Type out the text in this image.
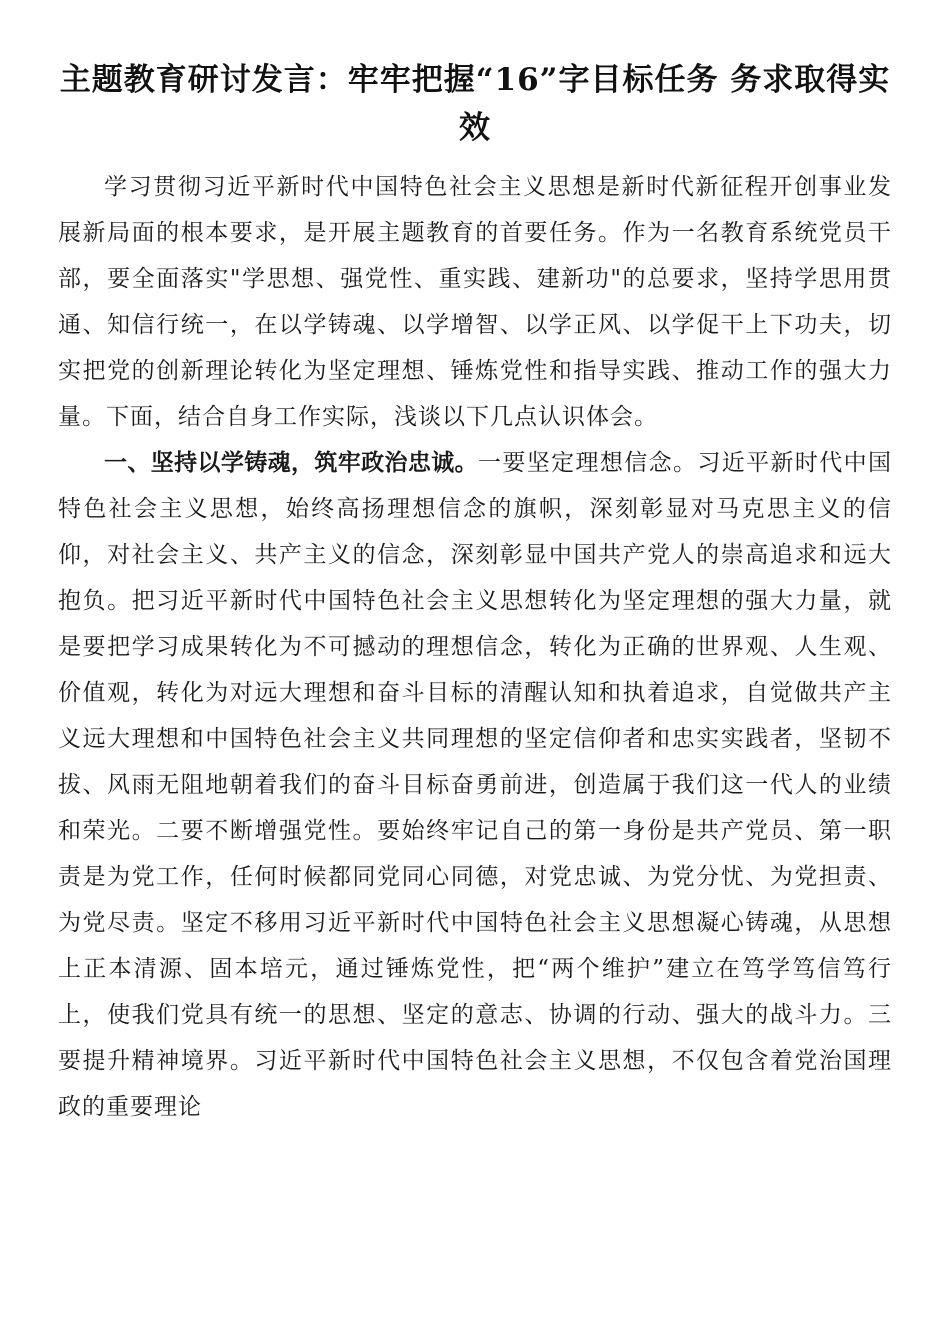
主题教育研讨发言：牢牢把握“16”字目标任务 务求取得实效

学习贯彻习近平新时代中国特色社会主义思想是新时代新征程开创事业发展新局面的根本要求，是开展主题教育的首要任务。作为一名教育系统党员干部，要全面落实"学思想、强党性、重实践、建新功"的总要求，坚持学思用贯通、知信行统一，在以学铸魂、以学增智、以学正风、以学促干上下功夫，切实把党的创新理论转化为坚定理想、锤炼党性和指导实践、推动工作的强大力量。下面，结合自身工作实际，浅谈以下几点认识体会。

一、坚持以学铸魂，筑牢政治忠诚。一要坚定理想信念。习近平新时代中国特色社会主义思想，始终高扬理想信念的旗帜，深刻彰显对马克思主义的信仰，对社会主义、共产主义的信念，深刻彰显中国共产党人的崇高追求和远大抱负。把习近平新时代中国特色社会主义思想转化为坚定理想的强大力量，就是要把学习成果转化为不可撼动的理想信念，转化为正确的世界观、人生观、价值观，转化为对远大理想和奋斗目标的清醒认知和执着追求，自觉做共产主义远大理想和中国特色社会主义共同理想的坚定信仰者和忠实实践者，坚韧不拔、风雨无阻地朝着我们的奋斗目标奋勇前进，创造属于我们这一代人的业绩和荣光。二要不断增强党性。要始终牢记自己的第一身份是共产党员、第一职责是为党工作，任何时候都同党同心同德，对党忠诚、为党分忧、为党担责、为党尽责。坚定不移用习近平新时代中国特色社会主义思想凝心铸魂，从思想上正本清源、固本培元，通过锤炼党性，把“两个维护”建立在笃学笃信笃行上，使我们党具有统一的思想、坚定的意志、协调的行动、强大的战斗力。三要提升精神境界。习近平新时代中国特色社会主义思想，不仅包含着党治国理政的重要理论
